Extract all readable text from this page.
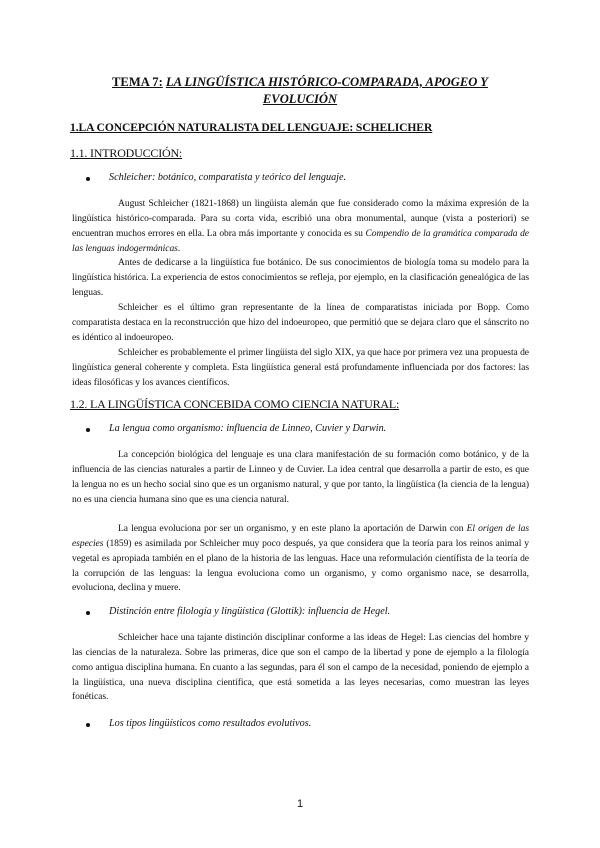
TEMA 7: LA LINGÜÍSTICA HISTÓRICO-COMPARADA, APOGEO Y
EVOLUCIÓN
1.LA CONCEPCIÓN NATURALISTA DEL LENGUAJE: SCHELICHER
1.1. INTRODUCCIÓN:
Schleicher: botánico, comparatista y teórico del lenguaje.
August Schleicher (1821-1868) un lingüista alemán que fue considerado como la máxima expresión de la lingüística histórico-comparada. Para su corta vida, escribió una obra monumental, aunque (vista a posteriori) se encuentran muchos errores en ella. La obra más importante y conocida es su Compendio de la gramática comparada de las lenguas indogermánicas.
Antes de dedicarse a la lingüística fue botánico. De sus conocimientos de biología toma su modelo para la lingüística histórica. La experiencia de estos conocimientos se refleja, por ejemplo, en la clasificación genealógica de las lenguas.
Schleicher es el último gran representante de la línea de comparatistas iniciada por Bopp. Como comparatista destaca en la reconstrucción que hizo del indoeuropeo, que permitió que se dejara claro que el sánscrito no es idéntico al indoeuropeo.
Schleicher es probablemente el primer lingüista del siglo XIX, ya que hace por primera vez una propuesta de lingüística general coherente y completa. Esta lingüística general está profundamente influenciada por dos factores: las ideas filosóficas y los avances científicos.
1.2. LA LINGÜÍSTICA CONCEBIDA COMO CIENCIA NATURAL:
La lengua como organismo: influencia de Linneo, Cuvier y Darwin.
La concepción biológica del lenguaje es una clara manifestación de su formación como botánico, y de la influencia de las ciencias naturales a partir de Linneo y de Cuvier. La idea central que desarrolla a partir de esto, es que la lengua no es un hecho social sino que es un organismo natural, y que por tanto, la lingüística (la ciencia de la lengua) no es una ciencia humana sino que es una ciencia natural.
La lengua evoluciona por ser un organismo, y en este plano la aportación de Darwin con El origen de las especies (1859) es asimilada por Schleicher muy poco después, ya que considera que la teoría para los reinos animal y vegetal es apropiada también en el plano de la historia de las lenguas. Hace una reformulación científista de la teoría de la corrupción de las lenguas: la lengua evoluciona como un organismo, y como organismo nace, se desarrolla, evoluciona, declina y muere.
Distinción entre filología y lingüística (Glottik): influencia de Hegel.
Schleicher hace una tajante distinción disciplinar conforme a las ideas de Hegel: Las ciencias del hombre y las ciencias de la naturaleza. Sobre las primeras, dice que son el campo de la libertad y pone de ejemplo a la filología como antigua disciplina humana. En cuanto a las segundas, para él son el campo de la necesidad, poniendo de ejemplo a la lingüística, una nueva disciplina científica, que está sometida a las leyes necesarias, como muestran las leyes fonéticas.
Los tipos lingüísticos como resultados evolutivos.
1
